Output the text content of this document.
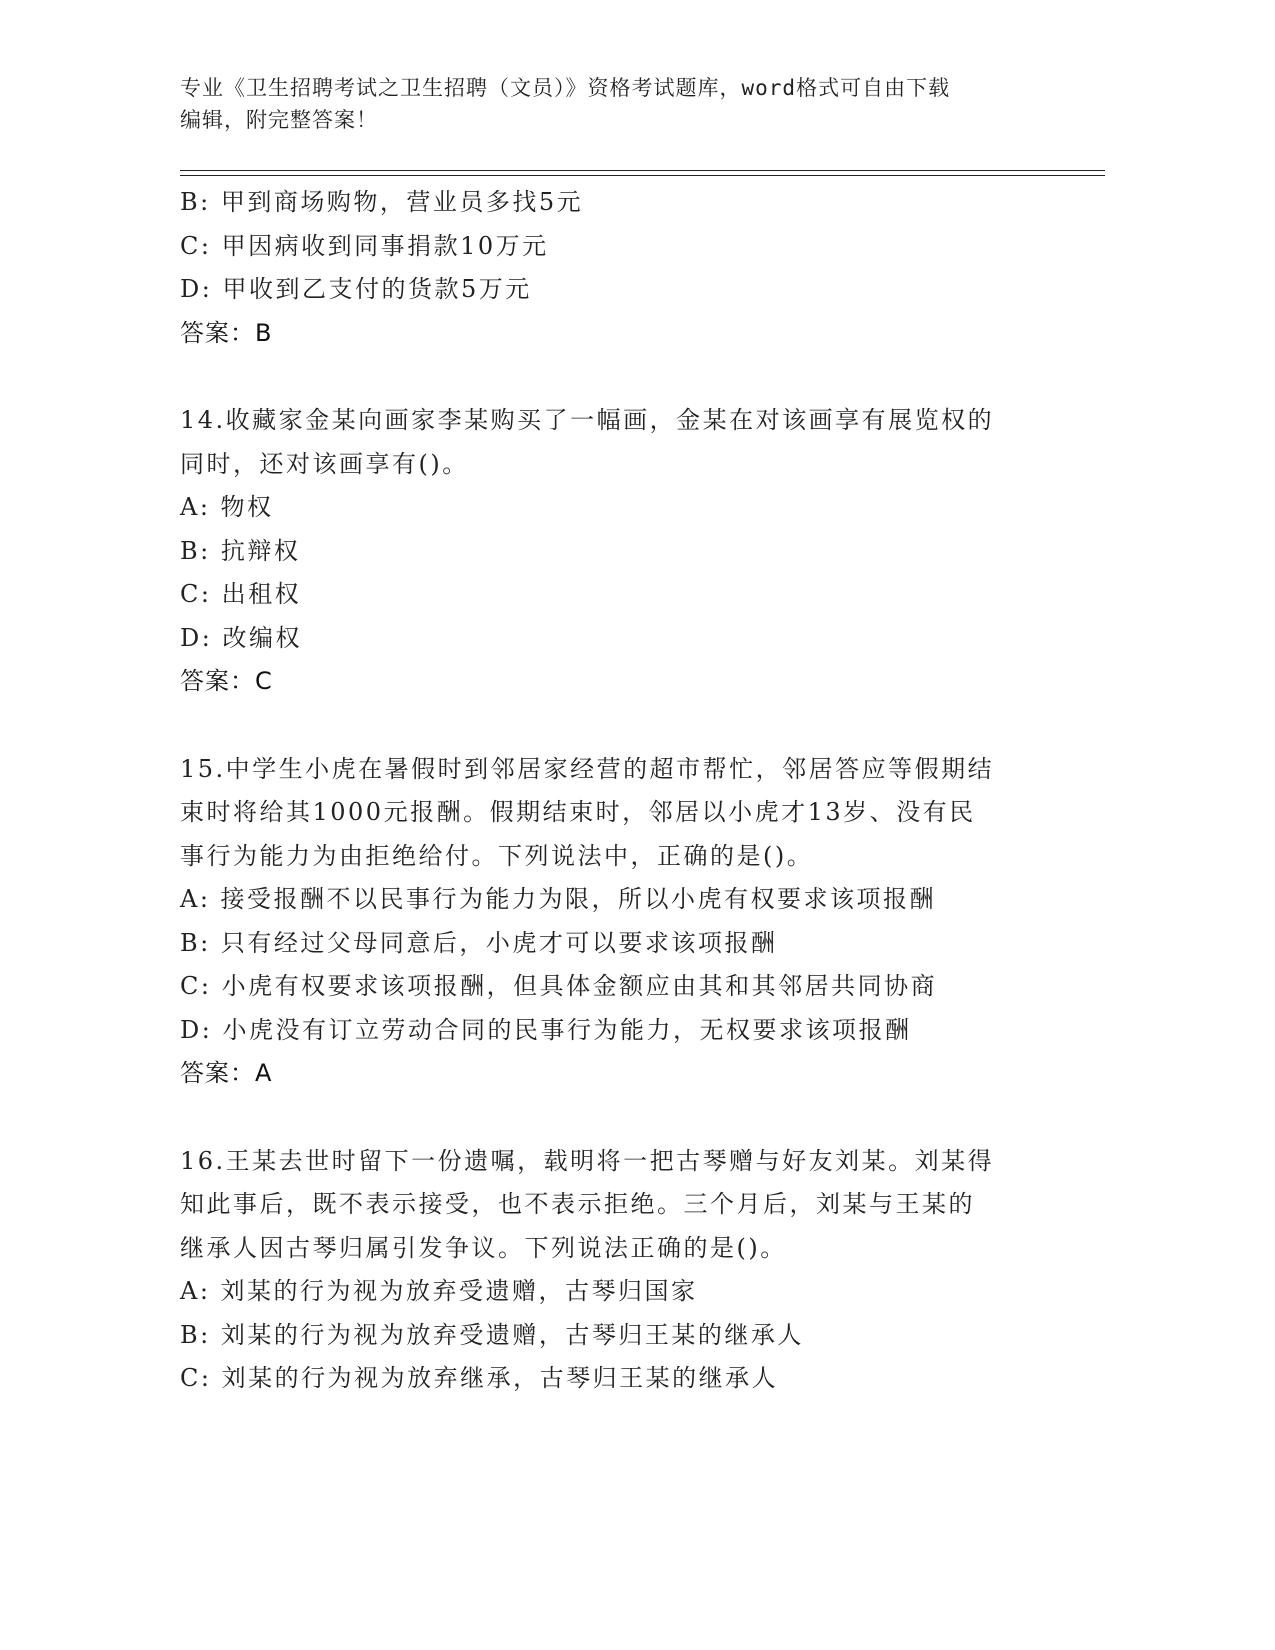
专业《卫生招聘考试之卫生招聘（文员）》资格考试题库，word格式可自由下载
编辑，附完整答案！
B: 甲到商场购物，营业员多找5元
C: 甲因病收到同事捐款10万元
D: 甲收到乙支付的货款5万元
答案：B
14.收藏家金某向画家李某购买了一幅画，金某在对该画享有展览权的
同时，还对该画享有()。
A: 物权
B: 抗辩权
C: 出租权
D: 改编权
答案：C
15.中学生小虎在暑假时到邻居家经营的超市帮忙，邻居答应等假期结
束时将给其1000元报酬。假期结束时，邻居以小虎才13岁、没有民
事行为能力为由拒绝给付。下列说法中，正确的是()。
A: 接受报酬不以民事行为能力为限，所以小虎有权要求该项报酬
B: 只有经过父母同意后，小虎才可以要求该项报酬
C: 小虎有权要求该项报酬，但具体金额应由其和其邻居共同协商
D: 小虎没有订立劳动合同的民事行为能力，无权要求该项报酬
答案：A
16.王某去世时留下一份遗嘱，载明将一把古琴赠与好友刘某。刘某得
知此事后，既不表示接受，也不表示拒绝。三个月后，刘某与王某的
继承人因古琴归属引发争议。下列说法正确的是()。
A: 刘某的行为视为放弃受遗赠，古琴归国家
B: 刘某的行为视为放弃受遗赠，古琴归王某的继承人
C: 刘某的行为视为放弃继承，古琴归王某的继承人
